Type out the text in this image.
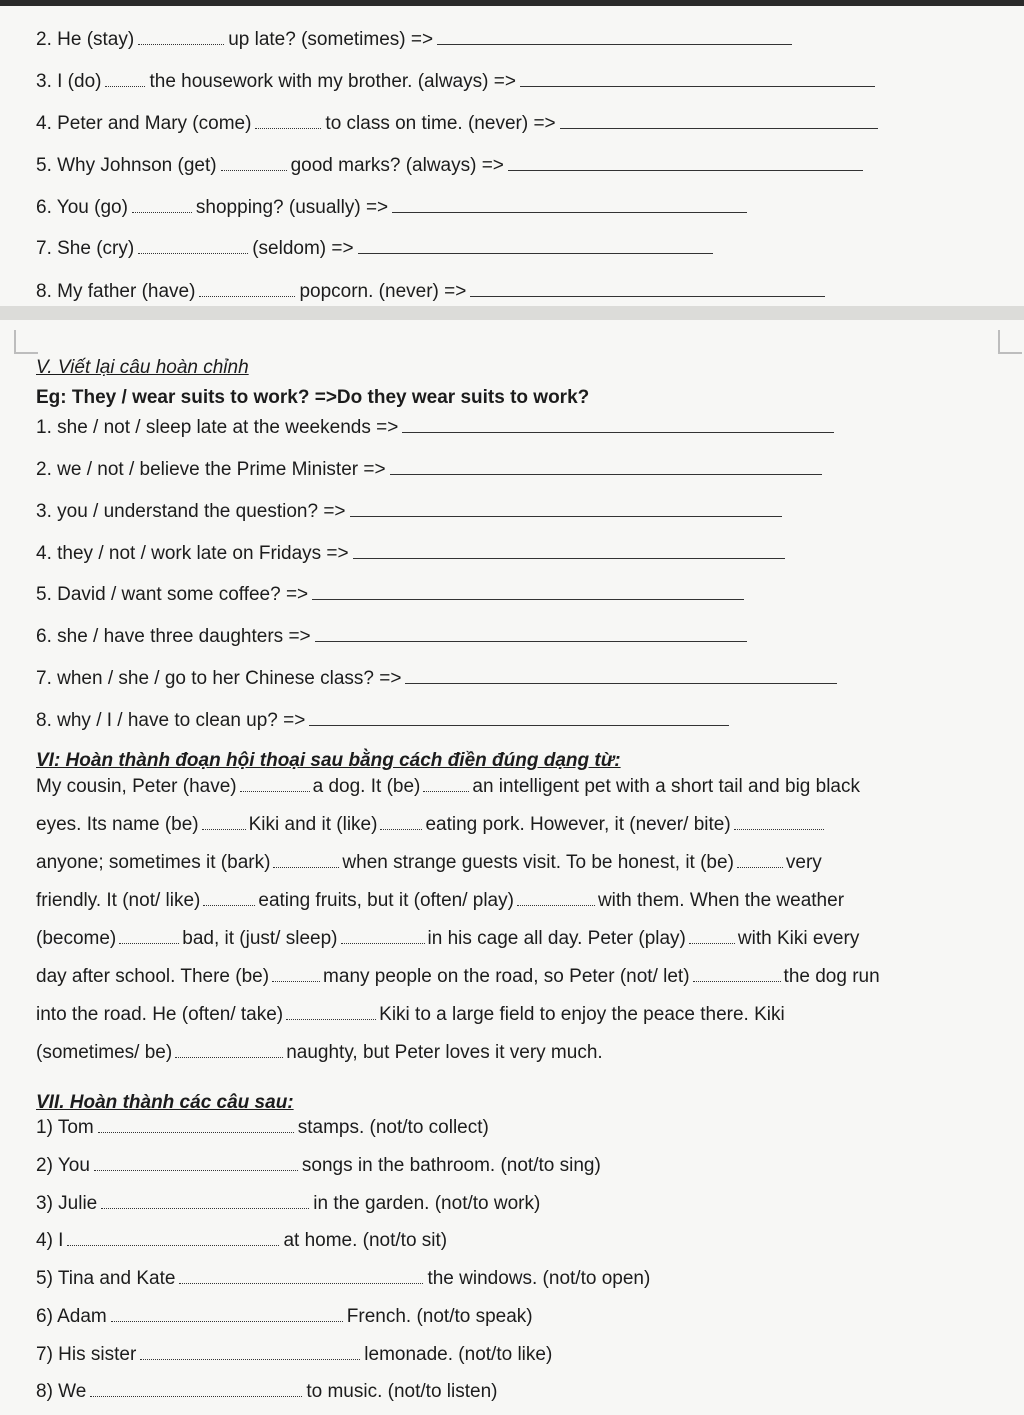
2. He (stay)	up late? (sometimes) =>
3. I (do)	the housework with my brother. (always) =>
4. Peter and Mary (come)	to class on time. (never) =>
5. Why Johnson (get)	good marks? (always) =>
6. You (go)	shopping? (usually) =>
7. She (cry)	(seldom) =>
8. My father (have)	popcorn. (never) =>
V. Viết lại câu hoàn chỉnh
Eg: They / wear suits to work? =>Do they wear suits to work?
1. she / not / sleep late at the weekends =>
2. we / not / believe the Prime Minister =>
3. you / understand the question? =>
4. they / not / work late on Fridays =>
5. David / want some coffee? =>
6. she / have three daughters =>
7. when / she / go to her Chinese class? =>
8. why / I / have to clean up? =>
VI: Hoàn thành đoạn hội thoại sau bằng cách điền đúng dạng từ:
My cousin, Peter (have)	a dog. It (be)	an intelligent pet with a short tail and big black
eyes. Its name (be)	Kiki and it (like)	eating pork. However, it (never/ bite)
anyone; sometimes it (bark)	when strange guests visit. To be honest, it (be)	very
friendly. It (not/ like)	eating fruits, but it (often/ play)	with them. When the weather
(become)	bad, it (just/ sleep)	in his cage all day. Peter (play)	with Kiki every
day after school. There (be)	many people on the road, so Peter (not/ let)	the dog run
into the road. He (often/ take)	Kiki to a large field to enjoy the peace there. Kiki
(sometimes/ be)	naughty, but Peter loves it very much.
VII. Hoàn thành các câu sau:
1) Tom	stamps. (not/to collect)
2) You	songs in the bathroom. (not/to sing)
3) Julie	in the garden. (not/to work)
4) I	at home. (not/to sit)
5) Tina and Kate	the windows. (not/to open)
6) Adam	French. (not/to speak)
7) His sister	lemonade. (not/to like)
8) We	to music. (not/to listen)
